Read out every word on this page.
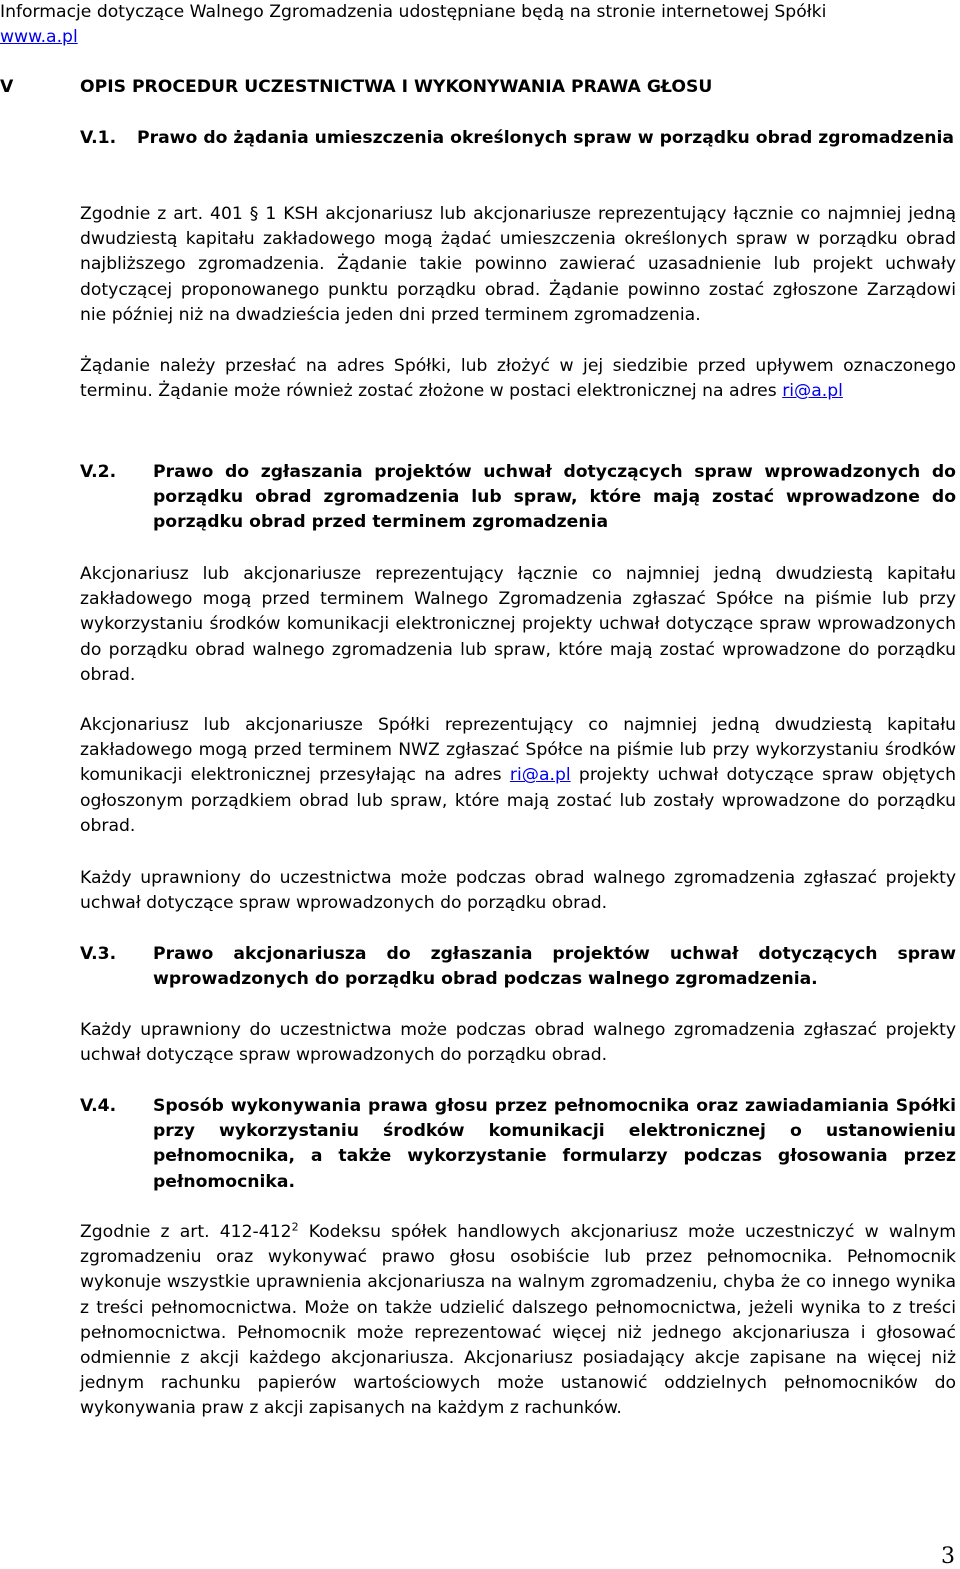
Informacje dotyczące Walnego Zgromadzenia udostępniane będą na stronie internetowej Spółki
www.a.pl

V	OPIS PROCEDUR UCZESTNICTWA I WYKONYWANIA PRAWA GŁOSU
V.1. Prawo do żądania umieszczenia określonych spraw w porządku obrad zgromadzenia

Zgodnie z art. 401 § 1 KSH akcjonariusz lub akcjonariusze reprezentujący łącznie co najmniej jedną dwudziestą kapitału zakładowego mogą żądać umieszczenia określonych spraw w porządku obrad najbliższego zgromadzenia. Żądanie takie powinno zawierać uzasadnienie lub projekt uchwały dotyczącej proponowanego punktu porządku obrad. Żądanie powinno zostać zgłoszone Zarządowi nie później niż na dwadzieścia jeden dni przed terminem zgromadzenia.

Żądanie należy przesłać na adres Spółki, lub złożyć w jej siedzibie przed upływem oznaczonego terminu. Żądanie może również zostać złożone w postaci elektronicznej na adres ri@a.pl

V.2. Prawo do zgłaszania projektów uchwał dotyczących spraw wprowadzonych do porządku obrad zgromadzenia lub spraw, które mają zostać wprowadzone do porządku obrad przed terminem zgromadzenia

Akcjonariusz lub akcjonariusze reprezentujący łącznie co najmniej jedną dwudziestą kapitału zakładowego mogą przed terminem Walnego Zgromadzenia zgłaszać Spółce na piśmie lub przy wykorzystaniu środków komunikacji elektronicznej projekty uchwał dotyczące spraw wprowadzonych do porządku obrad walnego zgromadzenia lub spraw, które mają zostać wprowadzone do porządku obrad.

Akcjonariusz lub akcjonariusze Spółki reprezentujący co najmniej jedną dwudziestą kapitału zakładowego mogą przed terminem NWZ zgłaszać Spółce na piśmie lub przy wykorzystaniu środków komunikacji elektronicznej przesyłając na adres ri@a.pl projekty uchwał dotyczące spraw objętych ogłoszonym porządkiem obrad lub spraw, które mają zostać lub zostały wprowadzone do porządku obrad.

Każdy uprawniony do uczestnictwa może podczas obrad walnego zgromadzenia zgłaszać projekty uchwał dotyczące spraw wprowadzonych do porządku obrad.

V.3. Prawo akcjonariusza do zgłaszania projektów uchwał dotyczących spraw wprowadzonych do porządku obrad podczas walnego zgromadzenia.

Każdy uprawniony do uczestnictwa może podczas obrad walnego zgromadzenia zgłaszać projekty uchwał dotyczące spraw wprowadzonych do porządku obrad.

V.4. Sposób wykonywania prawa głosu przez pełnomocnika oraz zawiadamiania Spółki przy wykorzystaniu środków komunikacji elektronicznej o ustanowieniu pełnomocnika, a także wykorzystanie formularzy podczas głosowania przez pełnomocnika.

Zgodnie z art. $412-412^2$ Kodeksu spółek handlowych akcjonariusz może uczestniczyć w walnym zgromadzeniu oraz wykonywać prawo głosu osobiście lub przez pełnomocnika. Pełnomocnik wykonuje wszystkie uprawnienia akcjonariusza na walnym zgromadzeniu, chyba że co innego wynika z treści pełnomocnictwa. Może on także udzielić dalszego pełnomocnictwa, jeżeli wynika to z treści pełnomocnictwa. Pełnomocnik może reprezentować więcej niż jednego akcjonariusza i głosować odmiennie z akcji każdego akcjonariusza. Akcjonariusz posiadający akcje zapisane na więcej niż jednym rachunku papierów wartościowych może ustanowić oddzielnych pełnomocników do wykonywania praw z akcji zapisanych na każdym z rachunków.

3
